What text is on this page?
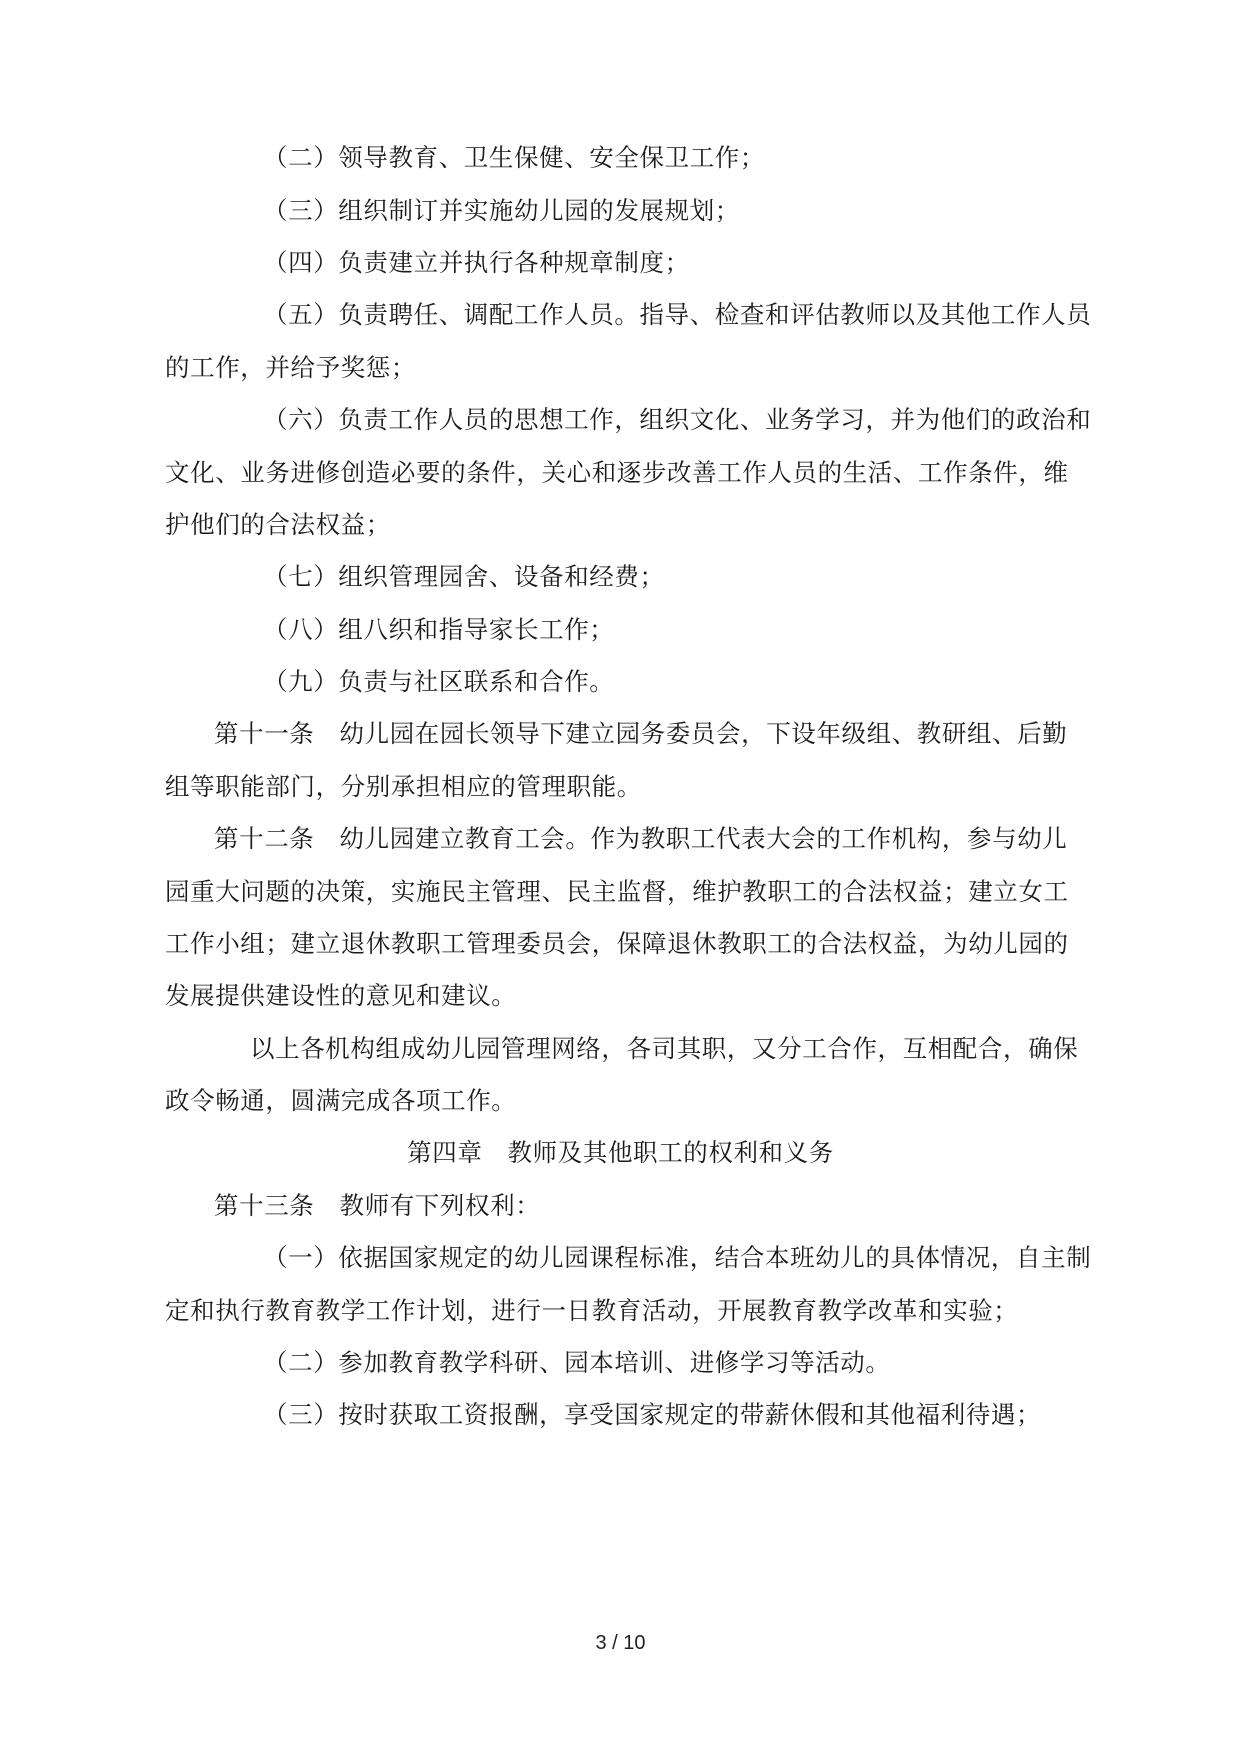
（二）领导教育、卫生保健、安全保卫工作；
（三）组织制订并实施幼儿园的发展规划；
（四）负责建立并执行各种规章制度；
（五）负责聘任、调配工作人员。指导、检查和评估教师以及其他工作人员
的工作，并给予奖惩；
（六）负责工作人员的思想工作，组织文化、业务学习，并为他们的政治和
文化、业务进修创造必要的条件，关心和逐步改善工作人员的生活、工作条件，维
护他们的合法权益；
（七）组织管理园舍、设备和经费；
（八）组八织和指导家长工作；
（九）负责与社区联系和合作。
第十一条　幼儿园在园长领导下建立园务委员会，下设年级组、教研组、后勤
组等职能部门，分别承担相应的管理职能。
第十二条　幼儿园建立教育工会。作为教职工代表大会的工作机构，参与幼儿
园重大问题的决策，实施民主管理、民主监督，维护教职工的合法权益；建立女工
工作小组；建立退休教职工管理委员会，保障退休教职工的合法权益，为幼儿园的
发展提供建设性的意见和建议。
以上各机构组成幼儿园管理网络，各司其职，又分工合作，互相配合，确保
政令畅通，圆满完成各项工作。
第四章　教师及其他职工的权利和义务
第十三条　教师有下列权利：
（一）依据国家规定的幼儿园课程标准，结合本班幼儿的具体情况，自主制
定和执行教育教学工作计划，进行一日教育活动，开展教育教学改革和实验；
（二）参加教育教学科研、园本培训、进修学习等活动。
（三）按时获取工资报酬，享受国家规定的带薪休假和其他福利待遇；
3 / 10
